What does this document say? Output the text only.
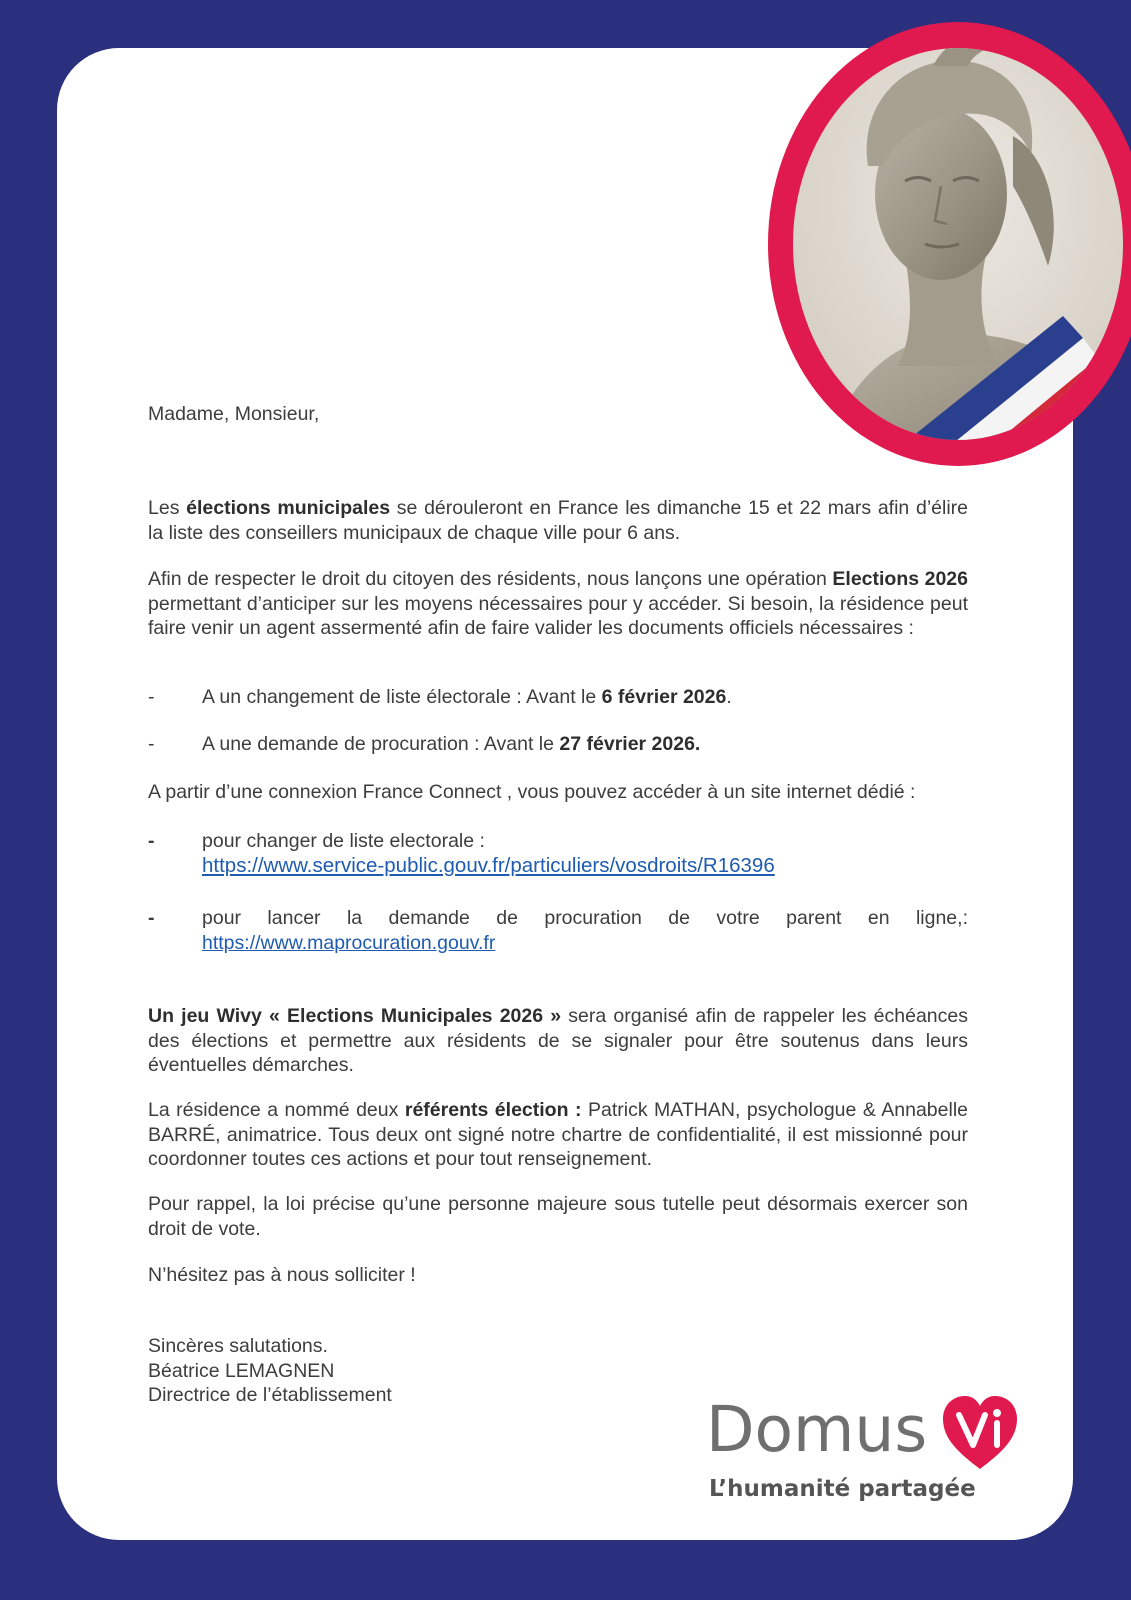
Madame, Monsieur,
Les élections municipales se dérouleront en France les dimanche 15 et 22 mars afin d’élire la liste des conseillers municipaux de chaque ville pour 6 ans.
Afin de respecter le droit du citoyen des résidents, nous lançons une opération Elections 2026 permettant d’anticiper sur les moyens nécessaires pour y accéder. Si besoin, la résidence peut faire venir un agent assermenté afin de faire valider les documents officiels nécessaires :
- A un changement de liste électorale : Avant le 6 février 2026.
- A une demande de procuration : Avant le 27 février 2026.
A partir d’une connexion France Connect , vous pouvez accéder à un site internet dédié :
- pour changer de liste electorale :
https://www.service-public.gouv.fr/particuliers/vosdroits/R16396
- pour lancer la demande de procuration de votre parent en ligne,:
https://www.maprocuration.gouv.fr
Un jeu Wivy « Elections Municipales 2026 » sera organisé afin de rappeler les échéances des élections et permettre aux résidents de se signaler pour être soutenus dans leurs éventuelles démarches.
La résidence a nommé deux référents élection : Patrick MATHAN, psychologue & Annabelle BARRÉ, animatrice. Tous deux ont signé notre chartre de confidentialité, il est missionné pour coordonner toutes ces actions et pour tout renseignement.
Pour rappel, la loi précise qu’une personne majeure sous tutelle peut désormais exercer son droit de vote.
N’hésitez pas à nous solliciter !
Sincères salutations.
Béatrice LEMAGNEN
Directrice de l’établissement	Domus
L’humanité partagée
